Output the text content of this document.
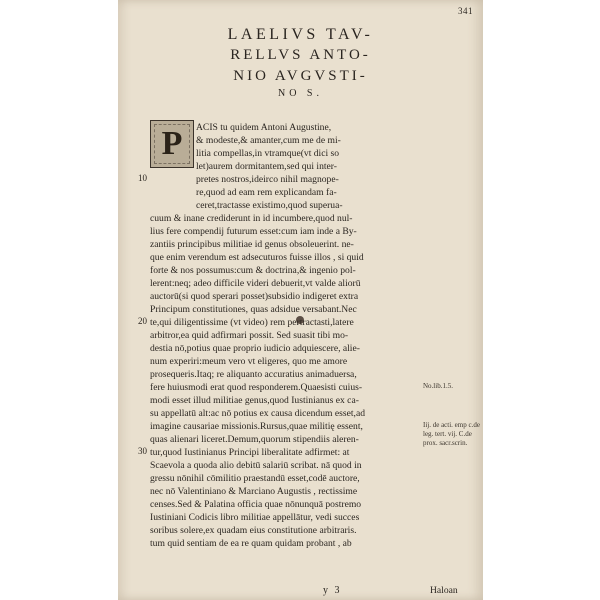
341
LAELIVS TAV-
RELLVS ANTO-
NIO AVGVSTI-
NO S.
P	ACIS tu quidem Antoni Augustine,
& modeste,& amanter,cum me de mi-
litia compellas,in vtramque(vt dici so
let)aurem dormitantem,sed qui inter-
pretes nostros,ideirco nihil magnope-
re,quod ad eam rem explicandam fa-
ceret,tractasse existimo,quod superua-
cuum & inane crediderunt in id incumbere,quod nul-
lius fere compendij futurum esset:cum iam inde a By-
zantiis principibus militiae id genus obsoleuerint. ne-
que enim verendum est adsecuturos fuisse illos , si quid
forte & nos possumus:cum & doctrina,& ingenio pol-
lerent:neq; adeo difficile videri debuerit,vt valde aliorū
auctorū(si quod sperari posset)subsidio indigeret extra
Principum constitutiones, quas adsidue versabant.Nec
te,qui diligentissime (vt video) rem pertractasti,latere
arbitror,ea quid adfirmari possit. Sed suasit tibi mo-
destia nō,potius quae proprio iudicio adquiescere, alie-
num experiri:meum vero vt eligeres, quo me amore
prosequeris.Itaq; re aliquanto accuratius animaduersa,
fere huiusmodi erat quod responderem.Quaesisti cuius-
modi esset illud militiae genus,quod Iustinianus ex ca-
su appellatū alt:ac nō potius ex causa dicendum esset,ad
imagine causariae missionis.Rursus,quae militię essent,
quas alienari liceret.Demum,quorum stipendiis aleren-
tur,quod Iustinianus Principi liberalitate adfirmet: at
Scaevola a quoda alio debitū salariū scribat. nā quod in
gressu nōnihil cōmilitio praestandū esset,codē auctore,
nec nō Valentiniano & Marciano Augustis , rectissime
censes.Sed & Palatina officia quae nōnunquā postremo
Iustiniani Codicis libro militiae appellātur, vedi succes
soribus solere,ex quadam eius constitutione arbitraris.
tum quid sentiam de ea re quam quidam probant , ab
10
20
30
No.lib.1.5.
Iij. de acti. emp c.de leg. tert. vij. C.de prox. sacr.scrin.
y 3	Haloan
